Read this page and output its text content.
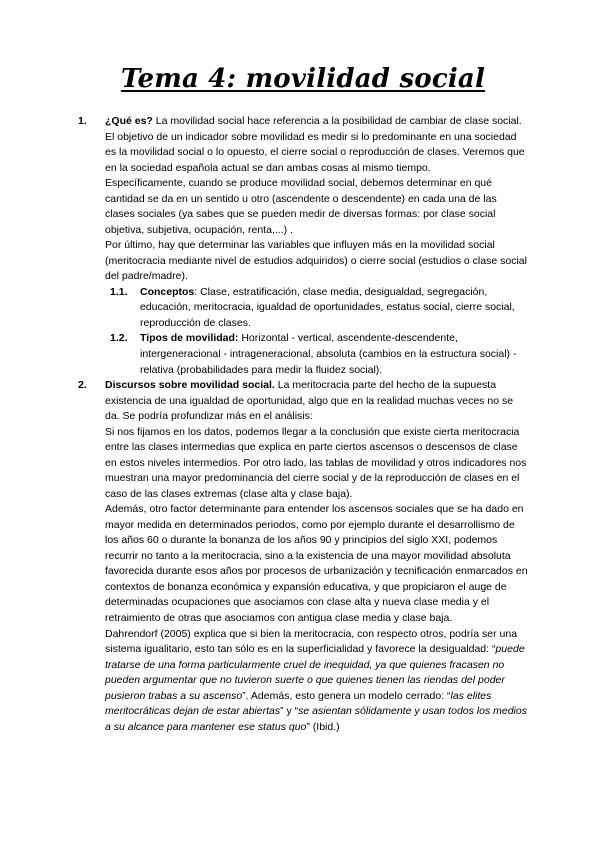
Tema 4: movilidad social
1.	¿Qué es? La movilidad social hace referencia a la posibilidad de cambiar de clase social. El objetivo de un indicador sobre movilidad es medir si lo predominante en una sociedad es la movilidad social o lo opuesto, el cierre social o reproducción de clases. Veremos que en la sociedad española actual se dan ambas cosas al mismo tiempo.
Específicamente, cuando se produce movilidad social, debemos determinar en qué cantidad se da en un sentido u otro (ascendente o descendente) en cada una de las clases sociales (ya sabes que se pueden medir de diversas formas: por clase social objetiva, subjetiva, ocupación, renta,...) .
Por último, hay que determinar las variables que influyen más en la movilidad social (meritocracia mediante nivel de estudios adquiridos) o cierre social (estudios o clase social del padre/madre).
1.1.	Conceptos: Clase, estratificación, clase media, desigualdad, segregación, educación, meritocracia, igualdad de oportunidades, estatus social, cierre social, reproducción de clases.
1.2.	Tipos de movilidad: Horizontal - vertical, ascendente-descendente, intergeneracional - intrageneracional, absoluta (cambios en la estructura social) - relativa (probabilidades para medir la fluidez social).
2.	Discursos sobre movilidad social. La meritocracia parte del hecho de la supuesta existencia de una igualdad de oportunidad, algo que en la realidad muchas veces no se da. Se podría profundizar más en el análisis:
Si nos fijamos en los datos, podemos llegar a la conclusión que existe cierta meritocracia entre las clases intermedias que explica en parte ciertos ascensos o descensos de clase en estos niveles intermedios. Por otro lado, las tablas de movilidad y otros indicadores nos muestran una mayor predominancia del cierre social y de la reproducción de clases en el caso de las clases extremas (clase alta y clase baja).
Además, otro factor determinante para entender los ascensos sociales que se ha dado en mayor medida en determinados periodos, como por ejemplo durante el desarrollismo de los años 60 o durante la bonanza de los años 90 y principios del siglo XXI, podemos recurrir no tanto a la meritocracia, sino a la existencia de una mayor movilidad absoluta favorecida durante esos años por procesos de urbanización y tecnificación enmarcados en contextos de bonanza económica y expansión educativa, y que propiciaron el auge de determinadas ocupaciones que asociamos con clase alta y nueva clase media y el retraimiento de otras que asociamos con antigua clase media y clase baja.
Dahrendorf (2005) explica que si bien la meritocracia, con respecto otros, podría ser una sistema igualitario, esto tan sólo es en la superficialidad y favorece la desigualdad: “puede tratarse de una forma particularmente cruel de inequidad, ya que quienes fracasen no pueden argumentar que no tuvieron suerte o que quienes tienen las riendas del poder pusieron trabas a su ascenso”. Además, esto genera un modelo cerrado: “las elites meritocráticas dejan de estar abiertas” y “se asientan sólidamente y usan todos los medios a su alcance para mantener ese status quo” (Ibid.)
